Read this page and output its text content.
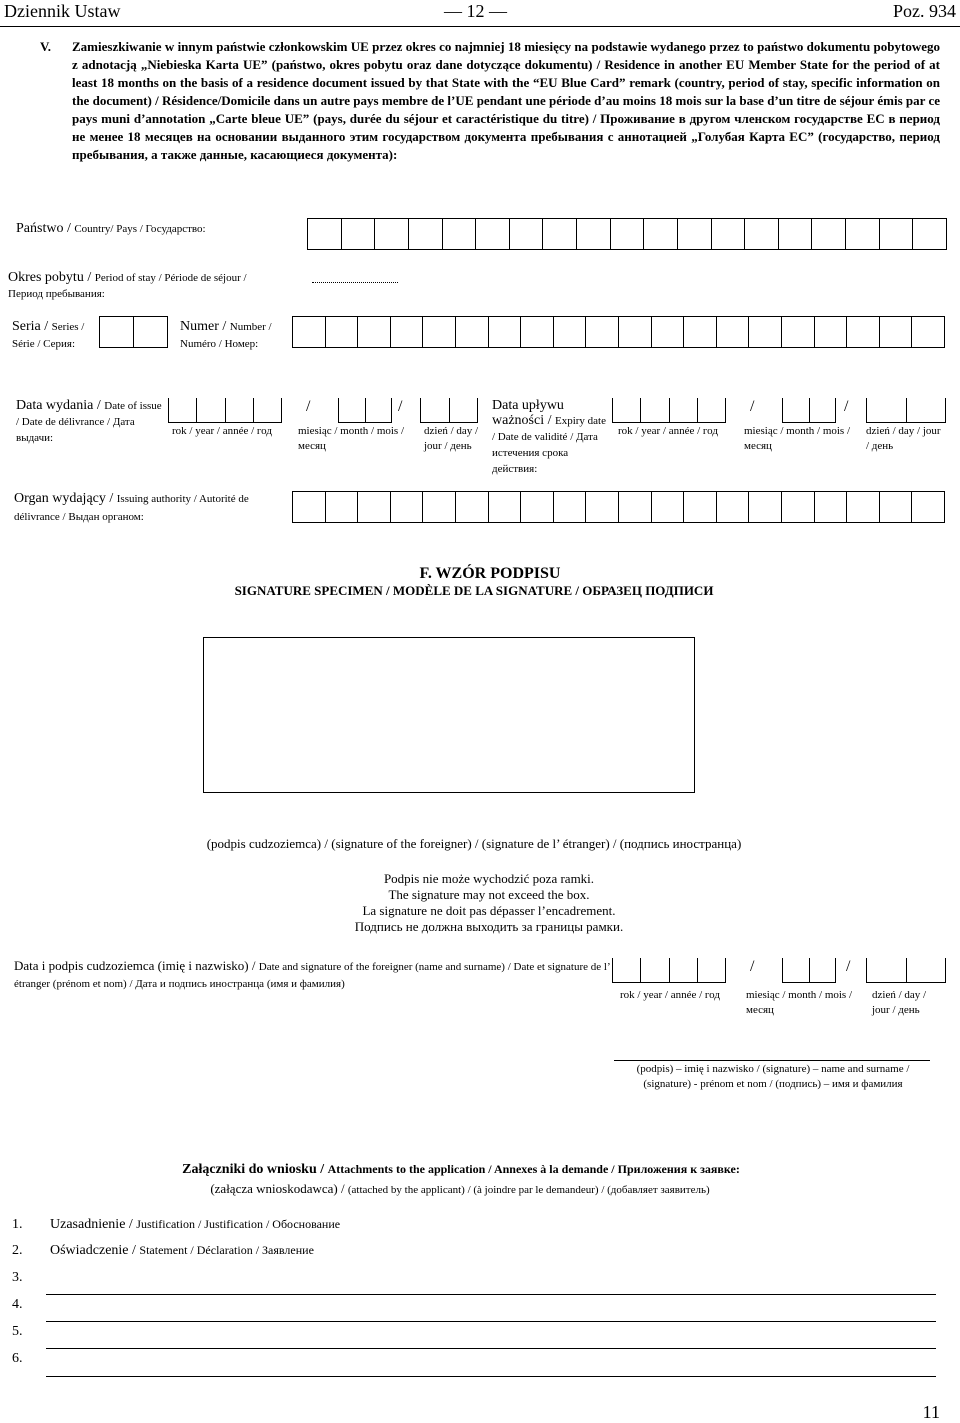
Dziennik Ustaw	— 12 —	Poz. 934
V.	Zamieszkiwanie w innym państwie członkowskim UE przez okres co najmniej 18 miesięcy na podstawie wydanego przez to państwo dokumentu pobytowego z adnotacją „Niebieska Karta UE” (państwo, okres pobytu oraz dane dotyczące dokumentu) / Residence in another EU Member State for the period of at least 18 months on the basis of a residence document issued by that State with the “EU Blue Card” remark (country, period of stay, specific information on the document) / Résidence/Domicile dans un autre pays membre de l’UE pendant une période d’au moins 18 mois sur la base d’un titre de séjour émis par ce pays muni d’annotation „Carte bleue UE” (pays, durée du séjour et caractéristique du titre) / Проживание в другом членском государстве ЕС в период не менее 18 месяцев на основании выданного этим государством документа пребывания с аннотацией „Голубая Карта ЕС” (государство, период пребывания, а также данные, касающиеся документа):
Państwo / Country/ Pays / Государство:
Okres pobytu / Period of stay / Période de séjour /
Период пребывания:
Seria / Series /
Série / Серия:
Numer / Number /
Numéro / Номер:
Data wydania / Date of issue / Date de délivrance / Дата выдачи:
rok / year / année / год
/
miesiąc / month / mois / месяц
/
dzień / day / jour / день
Data upływu ważności / Expiry date / Date de validité / Дата истечения срока действия:
rok / year / année / год
/
miesiąc / month / mois / месяц
/
dzień / day / jour / день
Organ wydający / Issuing authority / Autorité de délivrance / Выдан органом:
F. WZÓR PODPISU
SIGNATURE SPECIMEN / MODÈLE DE LA SIGNATURE / ОБРАЗЕЦ ПОДПИСИ
(podpis cudzoziemca) / (signature of the foreigner) / (signature de l’ étranger) / (подпись иностранца)
Podpis nie może wychodzić poza ramki.
The signature may not exceed the box.
La signature ne doit pas dépasser l’encadrement.
Подпись не должна выходить за границы рамки.
Data i podpis cudzoziemca (imię i nazwisko) / Date and signature of the foreigner (name and surname) / Date et signature de l’ étranger (prénom et nom) / Дата и подпись иностранца (имя и фамилия)
rok / year / année / год
/
miesiąc / month / mois / месяц
/
dzień / day / jour / день
(podpis) – imię i nazwisko / (signature) – name and surname / (signature) - prénom et nom / (подпись) – имя и фамилия
Załączniki do wniosku / Attachments to the application / Annexes à la demande / Приложения к заявке:
(załącza wnioskodawca) / (attached by the applicant) / (à joindre par le demandeur) / (добавляет заявитель)
1. Uzasadnienie / Justification / Justification / Обоснование
2. Oświadczenie / Statement / Déclaration / Заявление
3.
4.
5.
6.
11
